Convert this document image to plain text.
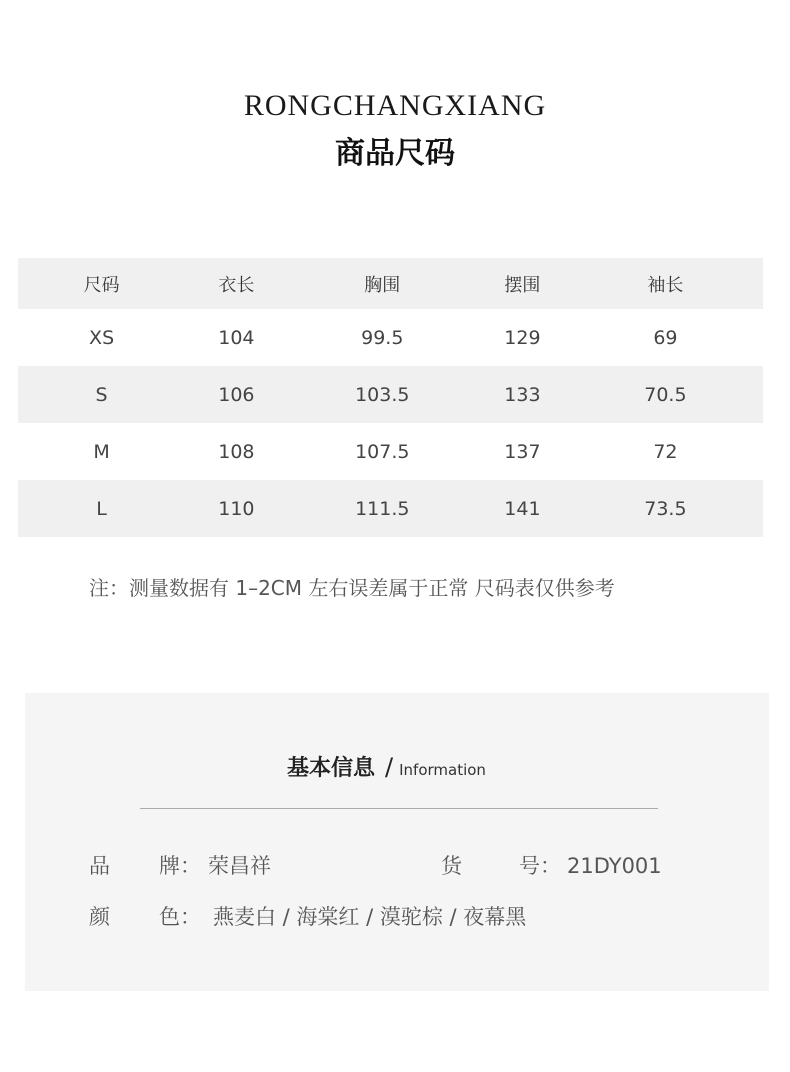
RONGCHANGXIANG
商品尺码
尺码	衣长	胸围	摆围	袖长
XS	104	99.5	129	69
S	106	103.5	133	70.5
M	108	107.5	137	72
L	110	111.5	141	73.5
注：测量数据有 1–2CM 左右误差属于正常 尺码表仅供参考
基本信息 / Information
品 牌： 荣昌祥	货	号： 21DY001
颜 色： 燕麦白 / 海棠红 / 漠驼棕 / 夜幕黑
